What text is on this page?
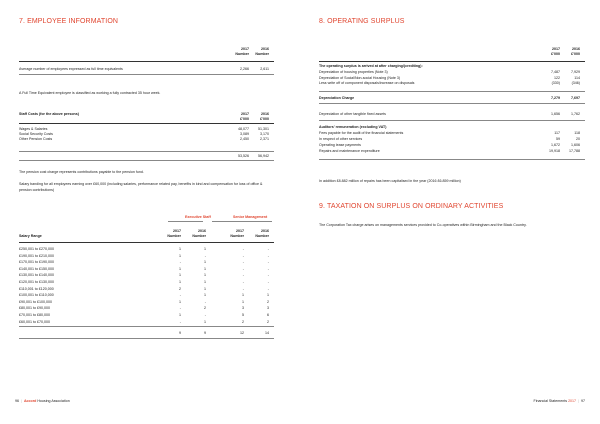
7. EMPLOYEE INFORMATION
2017	2016
Number Number
Average number of employees expressed as full time equivalents	2,266	2,611
A Full Time Equivalent employee is classified as working a fully contracted 35 hour week.
Staff Costs (for the above persons)	2017	2016
£'000	£'000
Wages & Salaries	48,077	51,301
Social Security Costs	3,089	3,170
Other Pension Costs	2,450	2,371
53,526	56,942
The pension cost charge represents contributions payable to the pension fund.
Salary banding for all employees earning over £60,000 (including salaries, performance related pay, benefits in kind and compensation for loss of office & pension contributions)
Executive Staff	Senior Management
2017	2016	2017	2016
Salary Range	Number	Number	Number	Number
£250,001 to £270,000	1	1	-	-
£190,001 to £210,000	1	-	-	-
£170,001 to £190,000	-	1	-	-
£140,001 to £150,000	1	1	-	-
£130,001 to £140,000	1	1	-	-
£120,001 to £130,000	1	1	-	-
£110,001 to £120,000	2	1	-	-
£100,001 to £110,000	-	1	1	1
£90,001 to £100,000	1	-	1	2
£80,001 to £90,000	-	2	3	3
£70,001 to £80,000	1	-	5	6
£60,001 to £70,000	-	1	2	2
9	9	12	14
8. OPERATING SURPLUS
2017	2016
£'000	£'000
The operating surplus is arrived at after charging/(crediting):
Depreciation of housing properties (Note 3)	7,487	7,929
Depreciation of Social/Non-social Housing (Note 3)	122	114
Less write off of component disposals/increase on disposals	(330)	(346)
Depreciation Charge	7,279	7,697
Depreciation of other tangible fixed assets	1,656	1,762
Auditors' remuneration (excluding VAT)
Fees payable for the audit of the financial statements	117	118
In respect of other services	59	20
Operating lease payments	1,672	1,606
Repairs and maintenance expenditure	19,918	17,788
In addition £8.882 million of repairs has been capitalised in the year (2016 £6.859 million)
9. TAXATION ON SURPLUS ON ORDINARY ACTIVITIES
The Corporation Tax charge arises on managements services provided to Co-operatives within Birmingham and the Black Country.
96  |  Accord Housing Association	Financial Statements 2017  |  97
